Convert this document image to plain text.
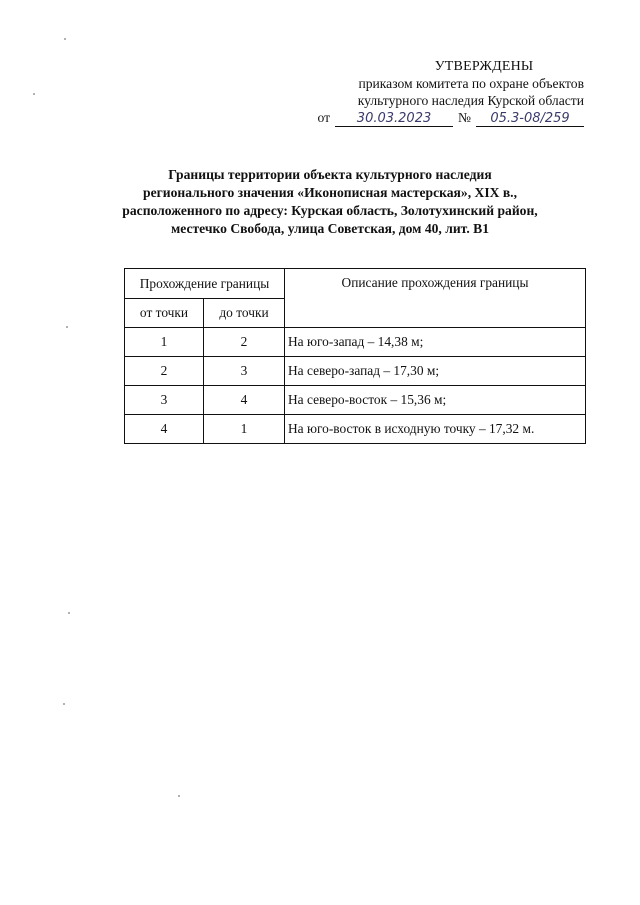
УТВЕРЖДЕНЫ
приказом комитета по охране объектов
культурного наследия Курской области
от	30.03.2023	№	05.3-08/259
Границы территории объекта культурного наследия
регионального значения «Иконописная мастерская», XIX в.,
расположенного по адресу: Курская область, Золотухинский район,
местечко Свобода, улица Советская, дом 40, лит. В1
Прохождение границы		Описание прохождения границы
от точки	до точки	
1	2	На юго-запад – 14,38 м;
2	3	На северо-запад – 17,30 м;
3	4	На северо-восток – 15,36 м;
4	1	На юго-восток в исходную точку – 17,32 м.
